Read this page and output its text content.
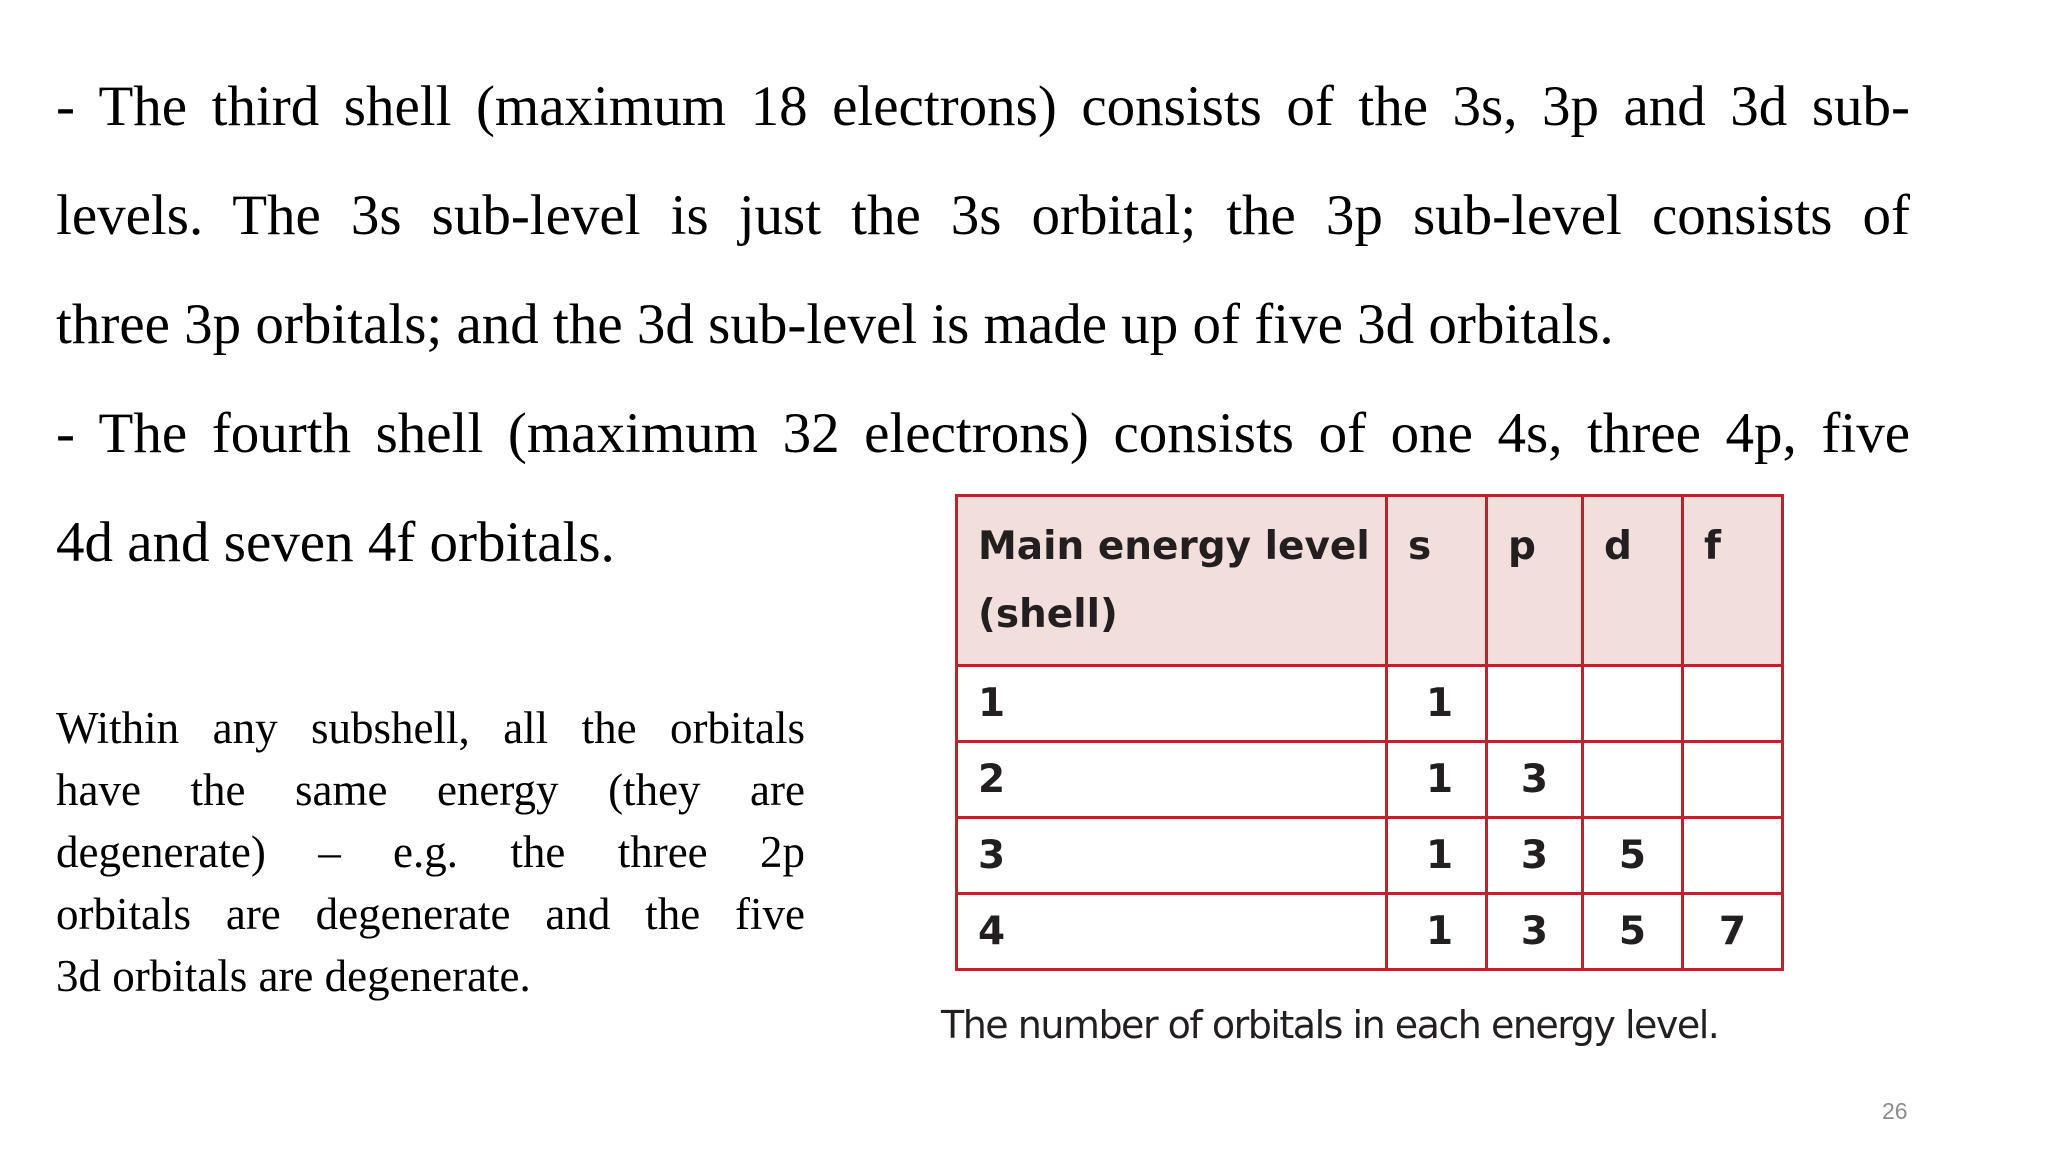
- The third shell (maximum 18 electrons) consists of the 3s, 3p and 3d sub-
levels. The 3s sub-level is just the 3s orbital; the 3p sub-level consists of
three 3p orbitals; and the 3d sub-level is made up of five 3d orbitals.
- The fourth shell (maximum 32 electrons) consists of one 4s, three 4p, five
4d and seven 4f orbitals.
Within any subshell, all the orbitals
have the same energy (they are
degenerate) – e.g. the three 2p
orbitals are degenerate and the five
3d orbitals are degenerate.
Main energy level
(shell)	s	p	d	f
1	1			
2	1	3		
3	1	3	5	
4	1	3	5	7
The number of orbitals in each energy level.
26
